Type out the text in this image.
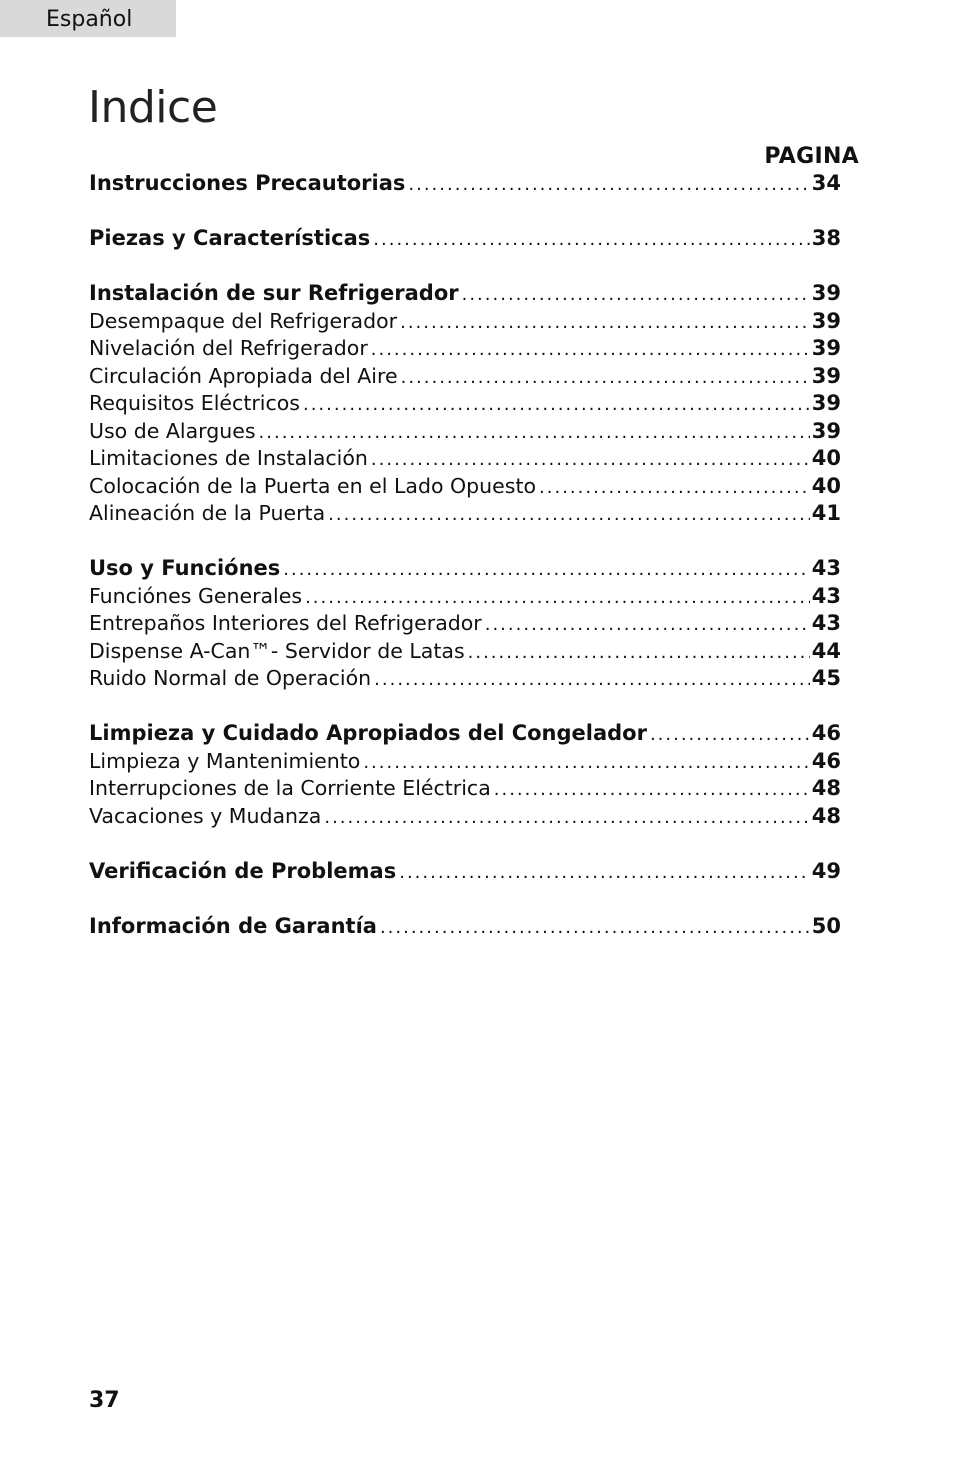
Español
Indice
PAGINA
Instrucciones Precautorias .....	34
Piezas y Características .....	38
Instalación de sur Refrigerador .....	39
Desempaque del Refrigerador .....	39
Nivelación del Refrigerador .....	39
Circulación Apropiada del Aire .....	39
Requisitos Eléctricos .....	39
Uso de Alargues .....	39
Limitaciones de Instalación .....	40
Colocación de la Puerta en el Lado Opuesto .....	40
Alineación de la Puerta .....	41
Uso y Funciónes .....	43
Funciónes Generales .....	43
Entrepaños Interiores del Refrigerador .....	43
Dispense A-Can™- Servidor de Latas .....	44
Ruido Normal de Operación .....	45
Limpieza y Cuidado Apropiados del Congelador .....	46
Limpieza y Mantenimiento .....	46
Interrupciones de la Corriente Eléctrica .....	48
Vacaciones y Mudanza .....	48
Verificación de Problemas .....	49
Información de Garantía .....	50
37
